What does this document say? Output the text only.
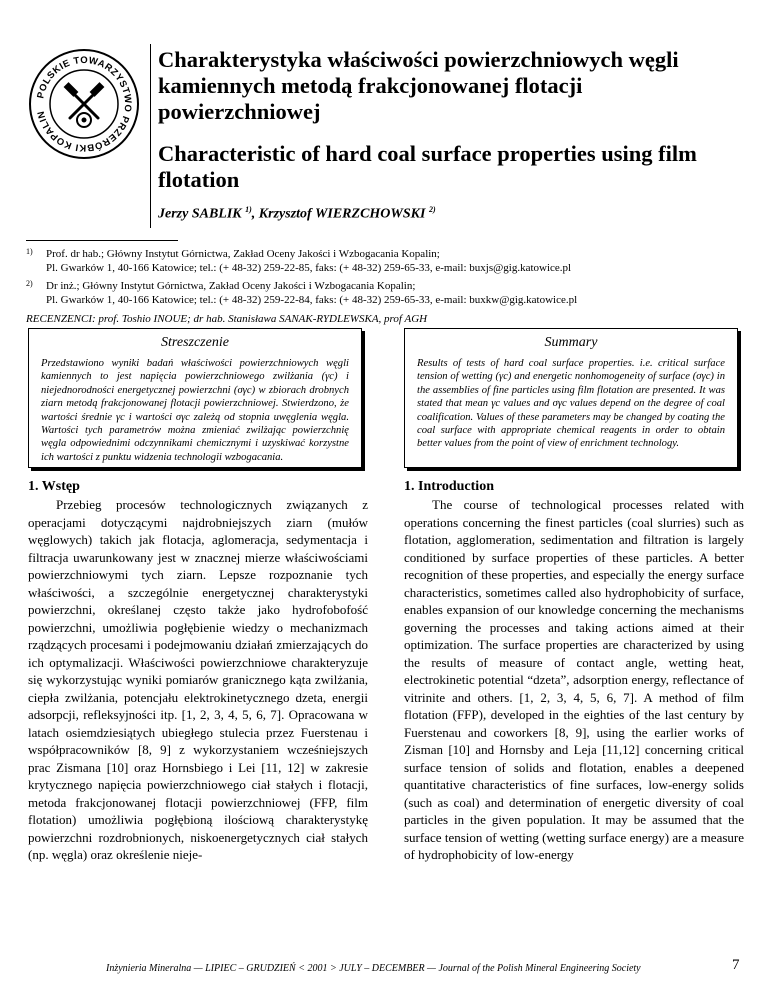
POLSKIE TOWARZYSTWO PRZERÓBKI KOPALIN
Charakterystyka właściwości powierzchniowych węgli kamiennych metodą frakcjonowanej flotacji powierzchniowej
Characteristic of hard coal surface properties using film flotation
Jerzy SABLIK $^{1)}$, Krzysztof WIERZCHOWSKI $^{2)}$
1) Prof. dr hab.; Główny Instytut Górnictwa, Zakład Oceny Jakości i Wzbogacania Kopalin;
Pl. Gwarków 1, 40-166 Katowice; tel.: (+ 48-32) 259-22-85, faks: (+ 48-32) 259-65-33, e-mail: buxjs@gig.katowice.pl
2) Dr inż.; Główny Instytut Górnictwa, Zakład Oceny Jakości i Wzbogacania Kopalin;
Pl. Gwarków 1, 40-166 Katowice; tel.: (+ 48-32) 259-22-84, faks: (+ 48-32) 259-65-33, e-mail: buxkw@gig.katowice.pl
RECENZENCI: prof. Toshio INOUE; dr hab. Stanisława SANAK-RYDLEWSKA, prof AGH
Streszczenie
Przedstawiono wyniki badań właściwości powierzchniowych węgli kamiennych to jest napięcia powierzchniowego zwilżania (γc) i niejednorodności energetycznej powierzchni (σγc) w zbiorach drobnych ziarn metodą frakcjonowanej flotacji powierzchniowej. Stwierdzono, że wartości średnie γc i wartości σγc zależą od stopnia uwęglenia węgla. Wartości tych parametrów można zmieniać zwilżając powierzchnię węgla odpowiednimi odczynnikami chemicznymi i uzyskiwać korzystne ich wartości z punktu widzenia technologii wzbogacania.
Summary
Results of tests of hard coal surface properties. i.e. critical surface tension of wetting (γc) and energetic nonhomogeneity of surface (σγc) in the assemblies of fine particles using film flotation are presented. It was stated that mean γc values and σγc values depend on the degree of coal coalification. Values of these parameters may be changed by coating the coal surface with appropriate chemical reagents in order to obtain better values from the point of view of enrichment technology.
1. Wstęp

Przebieg procesów technologicznych związanych z operacjami dotyczącymi najdrobniejszych ziarn (mułów węglowych) takich jak flotacja, aglomeracja, sedymentacja i filtracja uwarunkowany jest w znacznej mierze właściwościami powierzchniowymi tych ziarn. Lepsze rozpoznanie tych właściwości, a szczególnie energetycznej charakterystyki powierzchni, określanej często także jako hydrofobofość powierzchni, umożliwia pogłębienie wiedzy o mechanizmach rządzących procesami i podejmowaniu działań zmierzających do ich optymalizacji. Właściwości powierzchniowe charakteryzuje się wykorzystując wyniki pomiarów granicznego kąta zwilżania, ciepła zwilżania, potencjału elektrokinetycznego dzeta, energii adsorpcji, refleksyjności itp. [1, 2, 3, 4, 5, 6, 7]. Opracowana w latach osiemdziesiątych ubiegłego stulecia przez Fuerstenau i współpracowników [8, 9] z wykorzystaniem wcześniejszych prac Zismana [10] oraz Hornsbiego i Lei [11, 12] w zakresie krytycznego napięcia powierzchniowego ciał stałych i flotacji, metoda frakcjonowanej flotacji powierzchniowej (FFP, film flotation) umożliwia pogłębioną ilościową charakterystykę powierzchni rozdrobnionych, niskoenergetycznych ciał stałych (np. węgla) oraz określenie nieje-

1. Introduction

The course of technological processes related with operations concerning the finest particles (coal slurries) such as flotation, agglomeration, sedimentation and filtration is largely conditioned by surface properties of these particles. A better recognition of these properties, and especially the energy surface characteristics, sometimes called also hydrophobicity of surface, enables expansion of our knowledge concerning the mechanisms governing the processes and taking actions aimed at their optimization. The surface properties are characterized by using the results of measure of contact angle, wetting heat, electrokinetic potential “dzeta”, adsorption energy, reflectance of vitrinite and others. [1, 2, 3, 4, 5, 6, 7]. A method of film flotation (FFP), developed in the eighties of the last century by Fuerstenau and coworkers [8, 9], using the earlier works of Zisman [10] and Hornsby and Leja [11,12] concerning critical surface tension of solids and flotation, enables a deepened quantitative characteristics of fine surfaces, low-energy solids (such as coal) and determination of energetic diversity of coal particles in the given population. It may be assumed that the surface tension of wetting (wetting surface energy) are a measure of hydrophobicity of low-energy

Inżynieria Mineralna — LIPIEC – GRUDZIEŃ < 2001 > JULY – DECEMBER — Journal of the Polish Mineral Engineering Society	7
